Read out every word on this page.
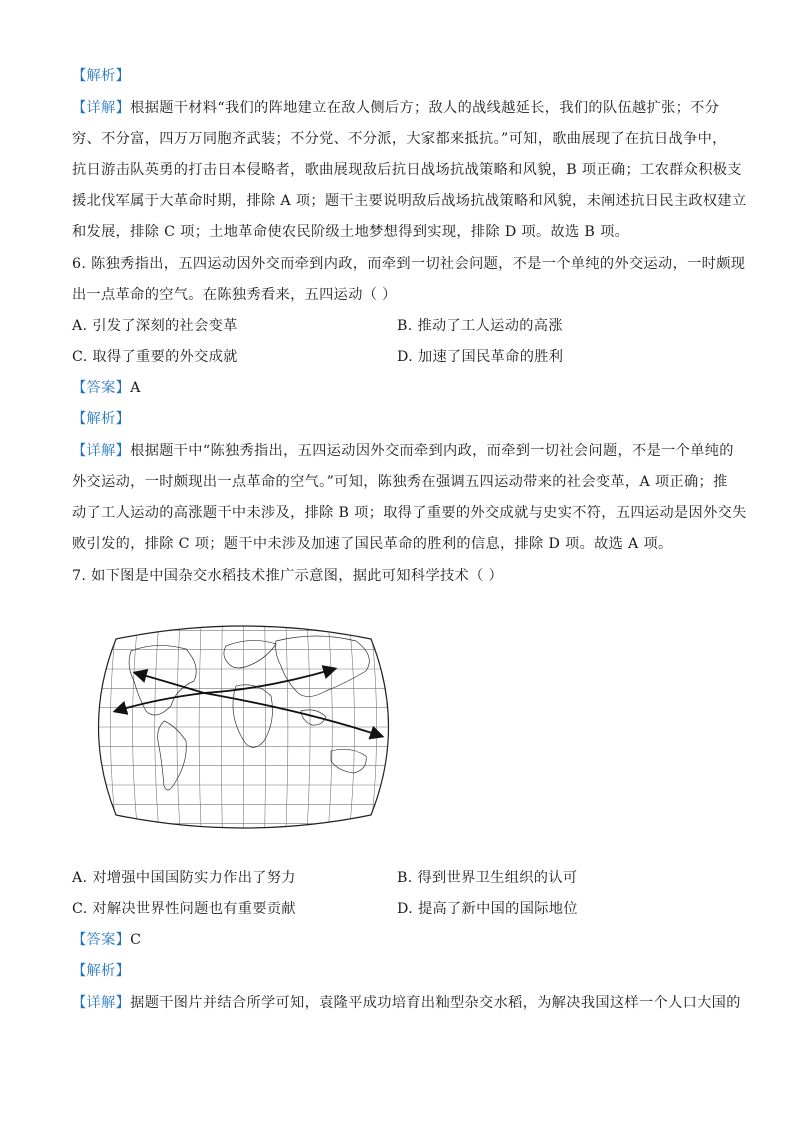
【解析】
【详解】根据题干材料“我们的阵地建立在敌人侧后方；敌人的战线越延长，我们的队伍越扩张；不分
穷、不分富，四万万同胞齐武装；不分党、不分派，大家都来抵抗。”可知，歌曲展现了在抗日战争中，
抗日游击队英勇的打击日本侵略者，歌曲展现敌后抗日战场抗战策略和风貌，B 项正确；工农群众积极支
援北伐军属于大革命时期，排除 A 项；题干主要说明敌后战场抗战策略和风貌，未阐述抗日民主政权建立
和发展，排除 C 项；土地革命使农民阶级土地梦想得到实现，排除 D 项。故选 B 项。
6. 陈独秀指出，五四运动因外交而牵到内政，而牵到一切社会问题，不是一个单纯的外交运动，一时颇现
出一点革命的空气。在陈独秀看来，五四运动（ ）
A. 引发了深刻的社会变革	B. 推动了工人运动的高涨
C. 取得了重要的外交成就	D. 加速了国民革命的胜利
【答案】A
【解析】
【详解】根据题干中“陈独秀指出，五四运动因外交而牵到内政，而牵到一切社会问题，不是一个单纯的
外交运动，一时颇现出一点革命的空气。”可知，陈独秀在强调五四运动带来的社会变革，A 项正确；推
动了工人运动的高涨题干中未涉及，排除 B 项；取得了重要的外交成就与史实不符，五四运动是因外交失
败引发的，排除 C 项；题干中未涉及加速了国民革命的胜利的信息，排除 D 项。故选 A 项。
7. 如下图是中国杂交水稻技术推广示意图，据此可知科学技术（ ）
A. 对增强中国国防实力作出了努力	B. 得到世界卫生组织的认可
C. 对解决世界性问题也有重要贡献	D. 提高了新中国的国际地位
【答案】C
【解析】
【详解】据题干图片并结合所学可知，袁隆平成功培育出籼型杂交水稻，为解决我国这样一个人口大国的
